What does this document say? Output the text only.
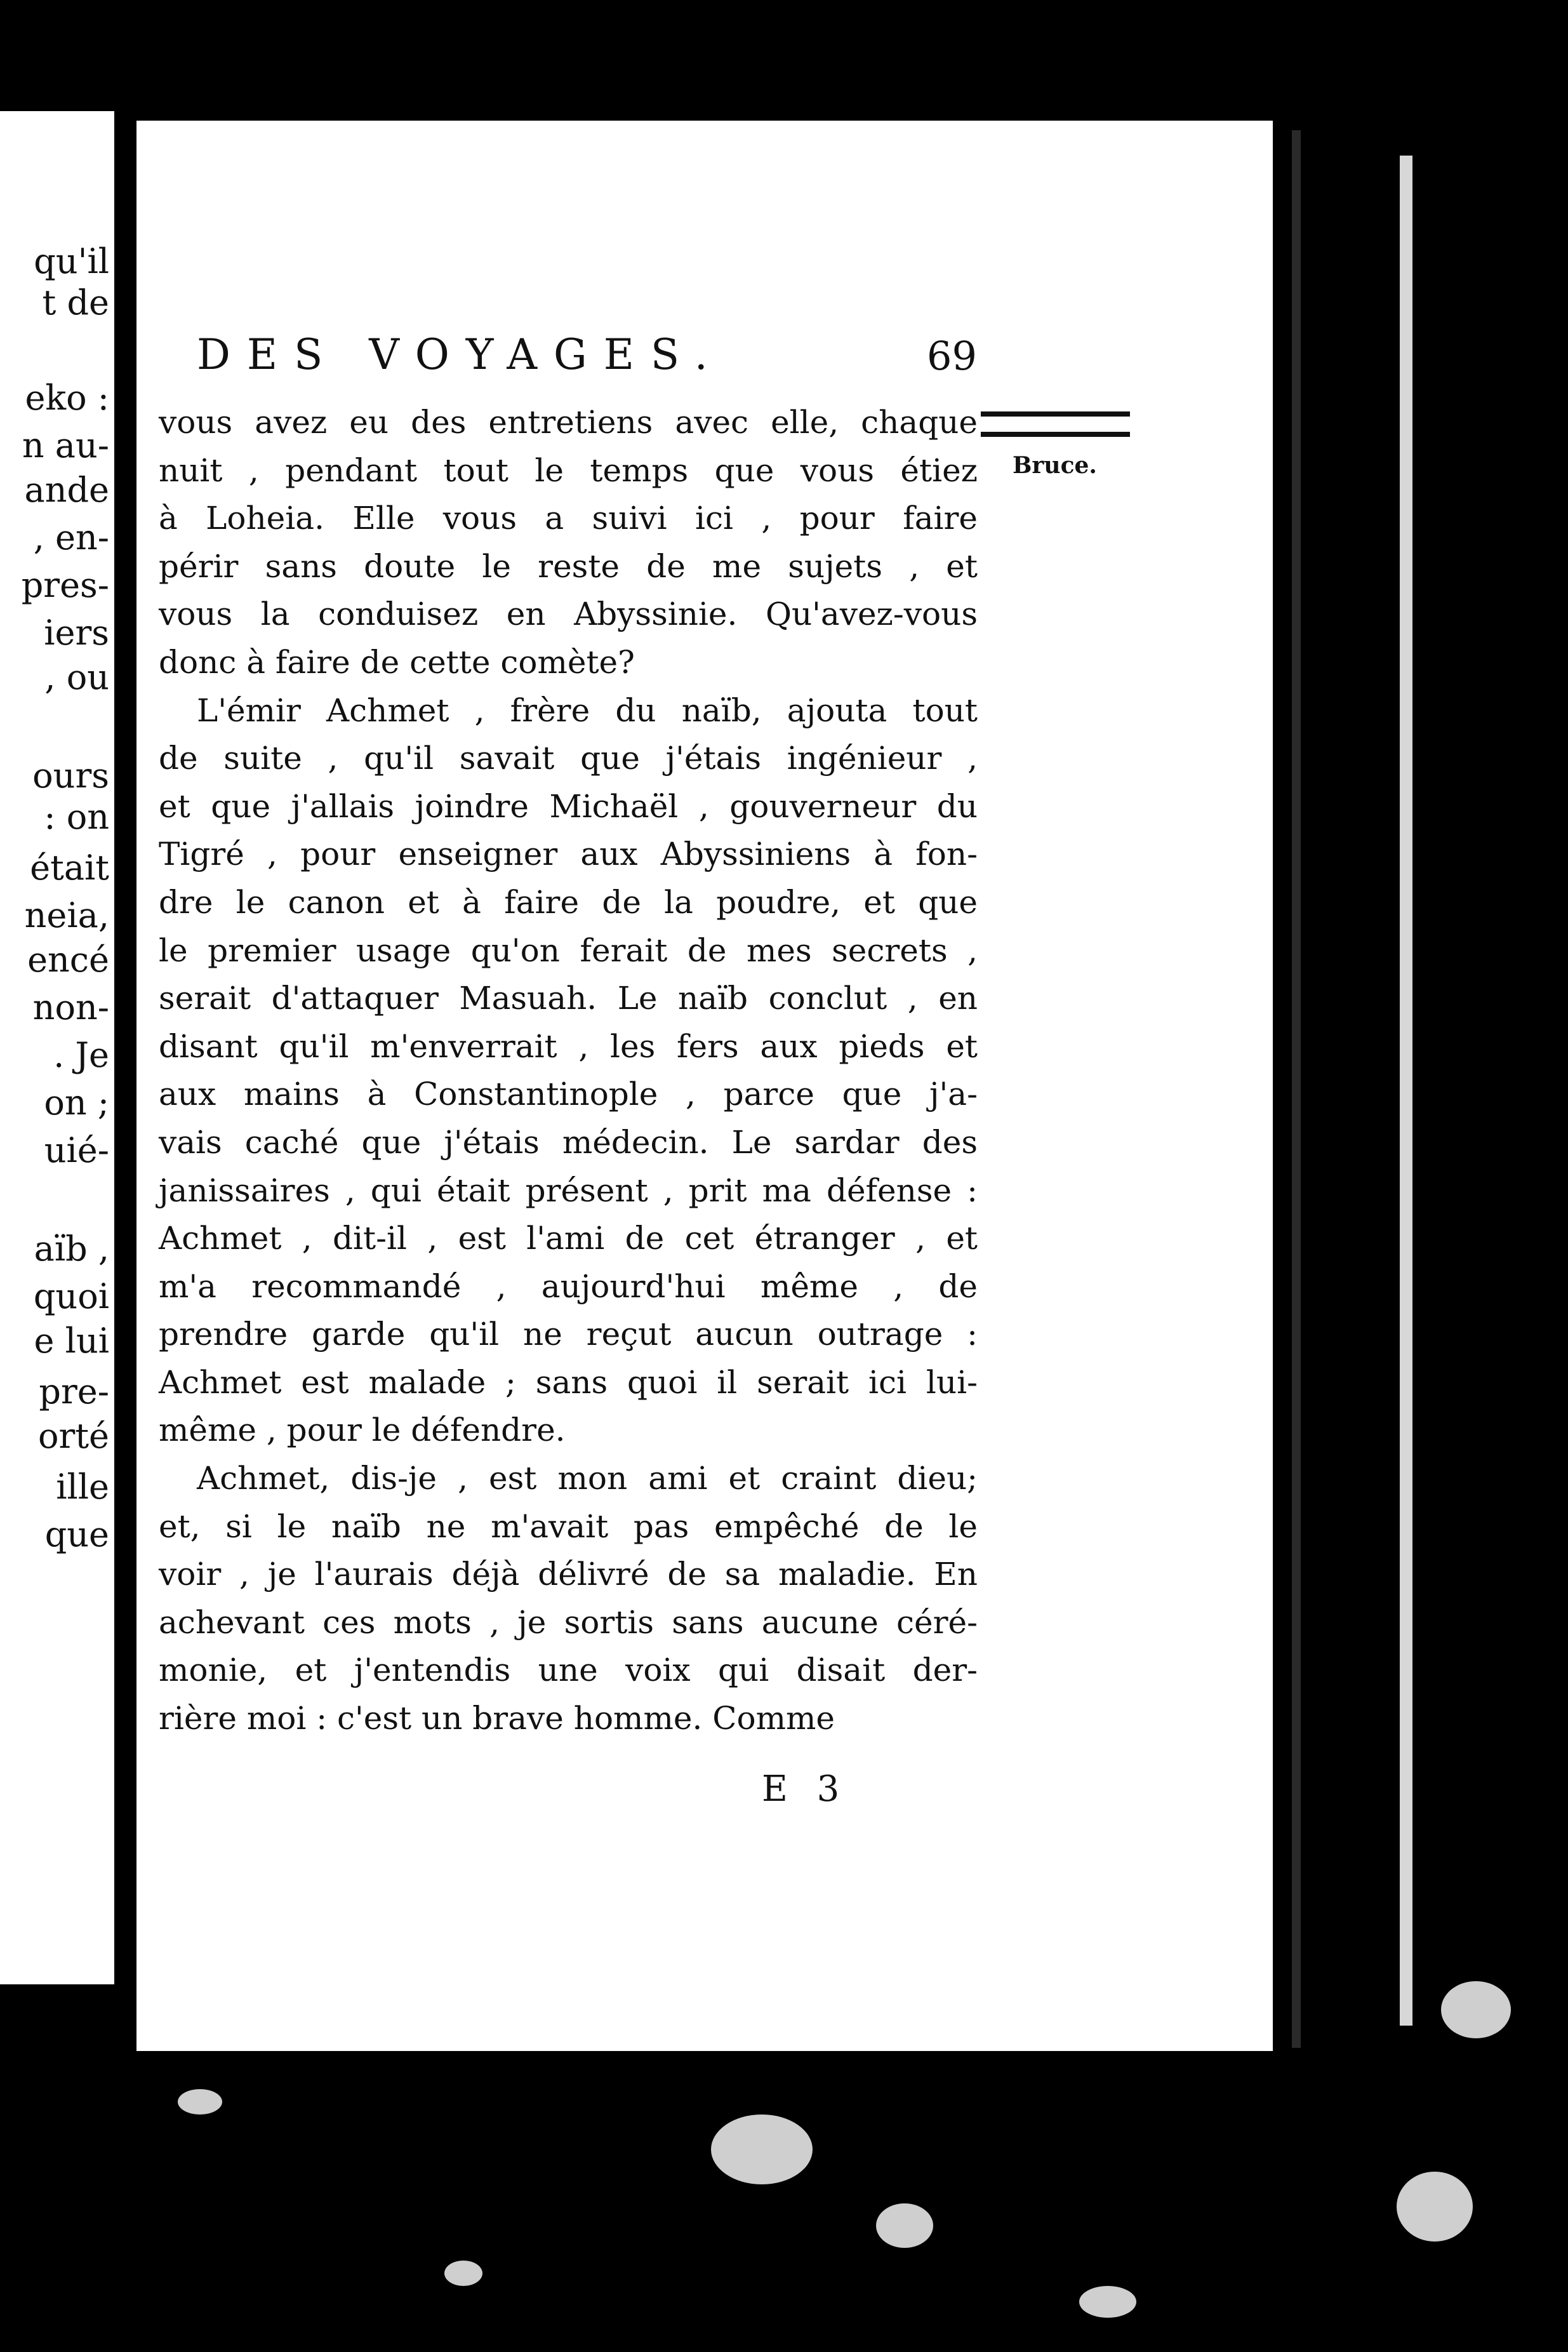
qu'il
t de
eko :
n au-
ande
, en-
pres-
iers
, ou
ours
: on
était
neia,
encé
non-
. Je
on ;
uié-
aïb ,
quoi
e lui
pre-
orté
ille
que
DES VOYAGES.	69
Bruce.
vous avez eu des entretiens avec elle, chaque
nuit , pendant tout le temps que vous étiez
à Loheia. Elle vous a suivi ici , pour faire
périr sans doute le reste de me sujets , et
vous la conduisez en Abyssinie. Qu'avez-vous
donc à faire de cette comète?
L'émir Achmet , frère du naïb, ajouta tout
de suite , qu'il savait que j'étais ingénieur ,
et que j'allais joindre Michaël , gouverneur du
Tigré , pour enseigner aux Abyssiniens à fon-
dre le canon et à faire de la poudre, et que
le premier usage qu'on ferait de mes secrets ,
serait d'attaquer Masuah. Le naïb conclut , en
disant qu'il m'enverrait , les fers aux pieds et
aux mains à Constantinople , parce que j'a-
vais caché que j'étais médecin. Le sardar des
janissaires , qui était présent , prit ma défense :
Achmet , dit-il , est l'ami de cet étranger , et
m'a recommandé , aujourd'hui même , de
prendre garde qu'il ne reçut aucun outrage :
Achmet est malade ; sans quoi il serait ici lui-
même , pour le défendre.
Achmet, dis-je , est mon ami et craint dieu;
et, si le naïb ne m'avait pas empêché de le
voir , je l'aurais déjà délivré de sa maladie. En
achevant ces mots , je sortis sans aucune céré-
monie, et j'entendis une voix qui disait der-
rière moi : c'est un brave homme. Comme
E 3
